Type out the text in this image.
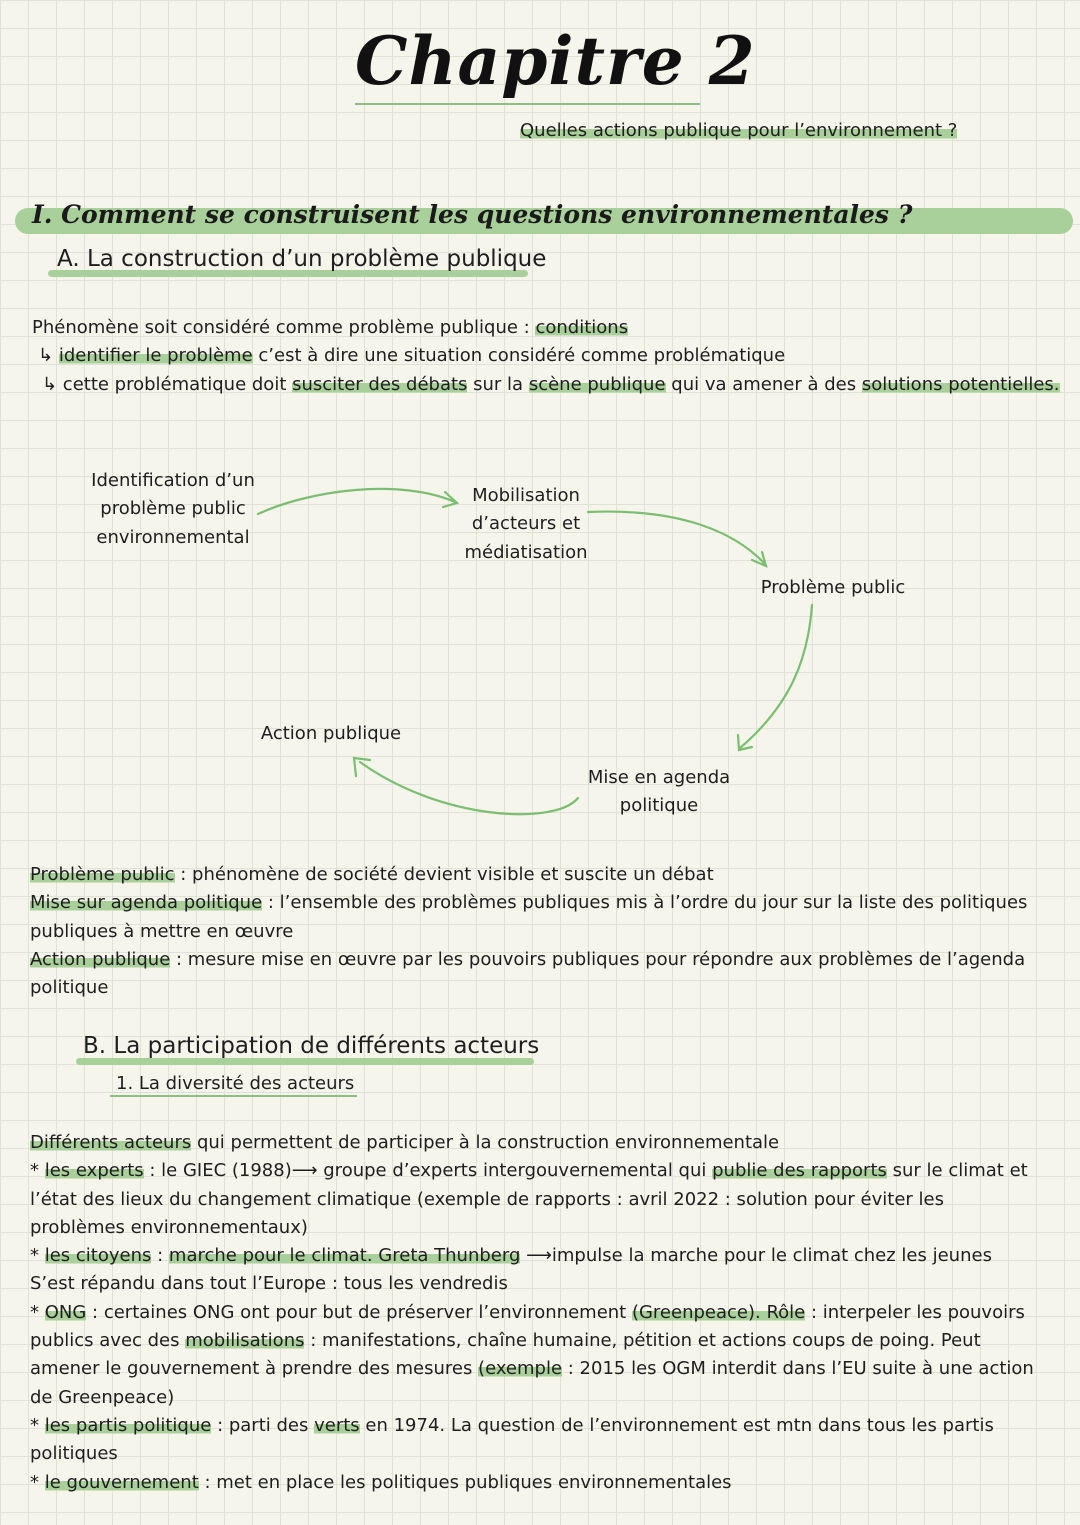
Chapitre 2
Quelles actions publique pour l’environnement ?
I. Comment se construisent les questions environnementales ?
A. La construction d’un problème publique

Phénomène soit considéré comme problème publique : conditions

↳ identifier le problème c’est à dire une situation considéré comme problématique

↳ cette problématique doit susciter des débats sur la scène publique qui va amener à des solutions potentielles.

Identification d’un problème public environnemental
Mobilisation d’acteurs et médiatisation
Problème public
Mise en agenda politique
Action publique

Problème public : phénomène de société devient visible et suscite un débat

Mise sur agenda politique : l’ensemble des problèmes publiques mis à l’ordre du jour sur la liste des politiques publiques à mettre en œuvre

Action publique : mesure mise en œuvre par les pouvoirs publiques pour répondre aux problèmes de l’agenda politique

B. La participation de différents acteurs
1. La diversité des acteurs

Différents acteurs qui permettent de participer à la construction environnementale

* les experts : le GIEC (1988)⟶ groupe d’experts intergouvernemental qui publie des rapports sur le climat et l’état des lieux du changement climatique (exemple de rapports : avril 2022 : solution pour éviter les problèmes environnementaux)

* les citoyens : marche pour le climat. Greta Thunberg ⟶impulse la marche pour le climat chez les jeunes S’est répandu dans tout l’Europe : tous les vendredis

* ONG : certaines ONG ont pour but de préserver l’environnement (Greenpeace). Rôle : interpeler les pouvoirs publics avec des mobilisations : manifestations, chaîne humaine, pétition et actions coups de poing. Peut amener le gouvernement à prendre des mesures (exemple : 2015 les OGM interdit dans l’EU suite à une action de Greenpeace)

* les partis politique : parti des verts en 1974. La question de l’environnement est mtn dans tous les partis politiques

* le gouvernement : met en place les politiques publiques environnementales
